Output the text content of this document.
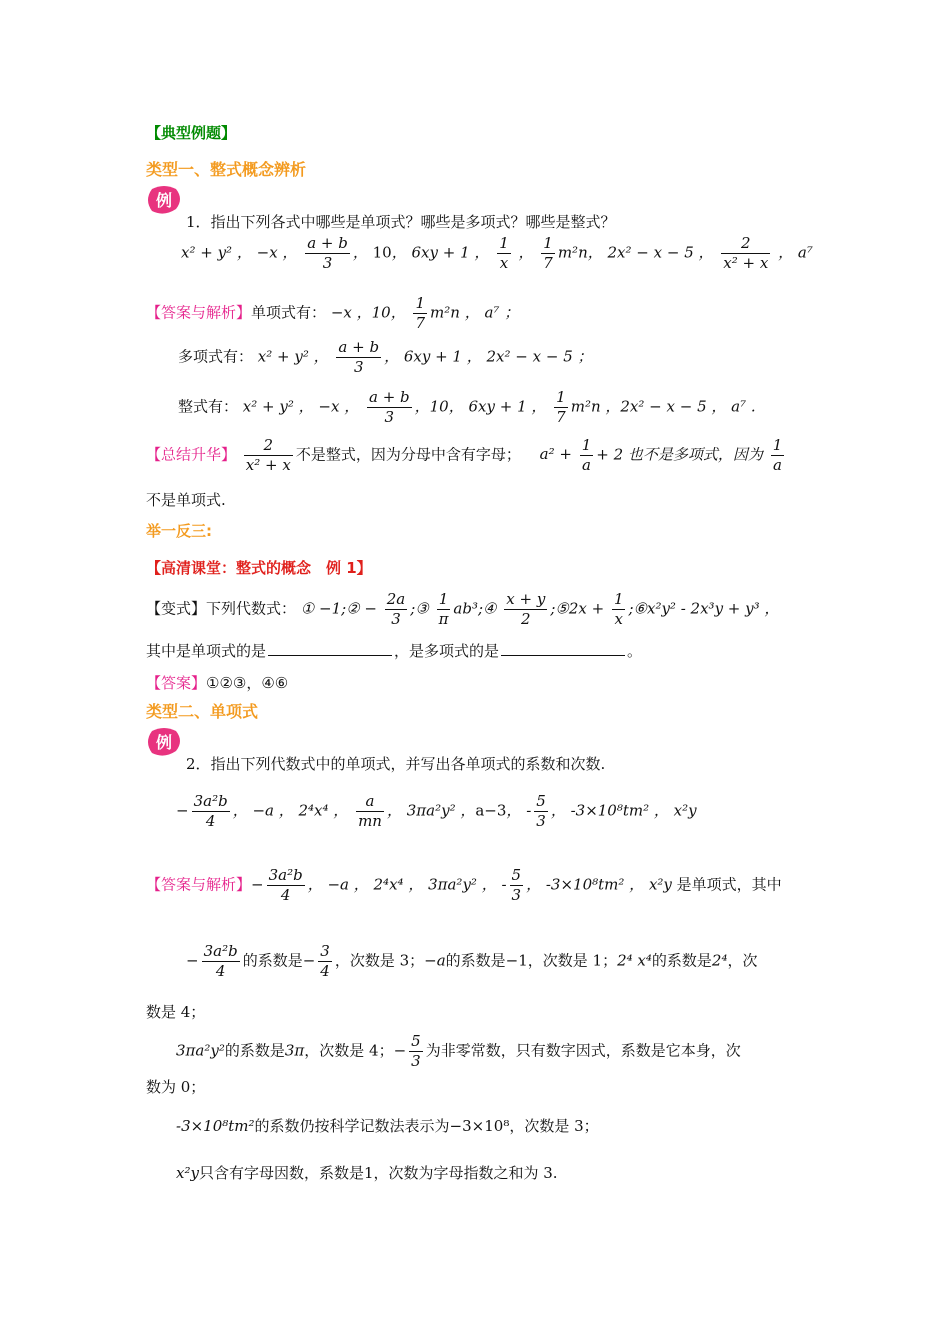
【典型例题】
类型一、整式概念辨析
例
1．指出下列各式中哪些是单项式？哪些是多项式？哪些是整式？
x² + y² ， −x ， $\frac{a + b}{3}$ ， 10， 6xy + 1 ， $\frac{1}{x}$ ， $\frac{1}{7} m^2n$， 2x² − x − 5 ， $\frac{2}{\text{x² + x}}$ ， a⁷
【答案与解析】单项式有： −x ，10， $\frac{1}{7} m^2n$ ， a⁷ ；
多项式有： x² + y² ， $\frac{a + b}{3}$ ， 6xy + 1 ， 2x² − x − 5 ；
整式有： x² + y² ， −x ， $\frac{a + b}{3}$ ，10， 6xy + 1 ， $\frac{1}{7} m^2n$ ，2x² − x − 5 ， a⁷ .
【总结升华】 $\frac{2}{\text{x² + x}}$ 不是整式，因为分母中含有字母； $a^2 + \frac{1}{a} + 2$ 也不是多项式，因为 $\frac{1}{a}$
不是单项式.
举一反三:
【高清课堂：整式的概念　例 1】
【变式】下列代数式： ① −1;② − $\frac{2a}{3}$ ;③ $\frac{1}{\pi}$ ab³;④ $\frac{x + y}{2}$ ;⑤2x + $\frac{1}{x}$ ;⑥x²y² - 2x³y + y³ ，
其中是单项式的是	，是多项式的是	。
【答案】①②③，④⑥
类型二、单项式
例
2．指出下列代数式中的单项式，并写出各单项式的系数和次数.
− $\frac{\text{3a²b}}{4}$ ， −a ， 2⁴x⁴ ， $\frac{a}{mn}$ ， 3πa²y² ，a−3， - $\frac{5}{3}$ ， -3×10⁸tm² ， x²y
【答案与解析】− $\frac{\text{3a²b}}{4}$ ， −a ， 2⁴x⁴ ， 3πa²y² ， - $\frac{5}{3}$ ， -3×10⁸tm² ， x²y 是单项式，其中
− $\frac{\text{3a²b}}{4}$ 的系数是− $\frac{3}{4}$ ，次数是 3；−a的系数是−1，次数是 1；2⁴ x⁴的系数是2⁴，次
数是 4；
3πa²y²的系数是3π，次数是 4；− $\frac{5}{3}$ 为非零常数，只有数字因式，系数是它本身，次
数为 0；
-3×10⁸tm²的系数仍按科学记数法表示为−3×10⁸，次数是 3；
x²y只含有字母因数，系数是1，次数为字母指数之和为 3.
